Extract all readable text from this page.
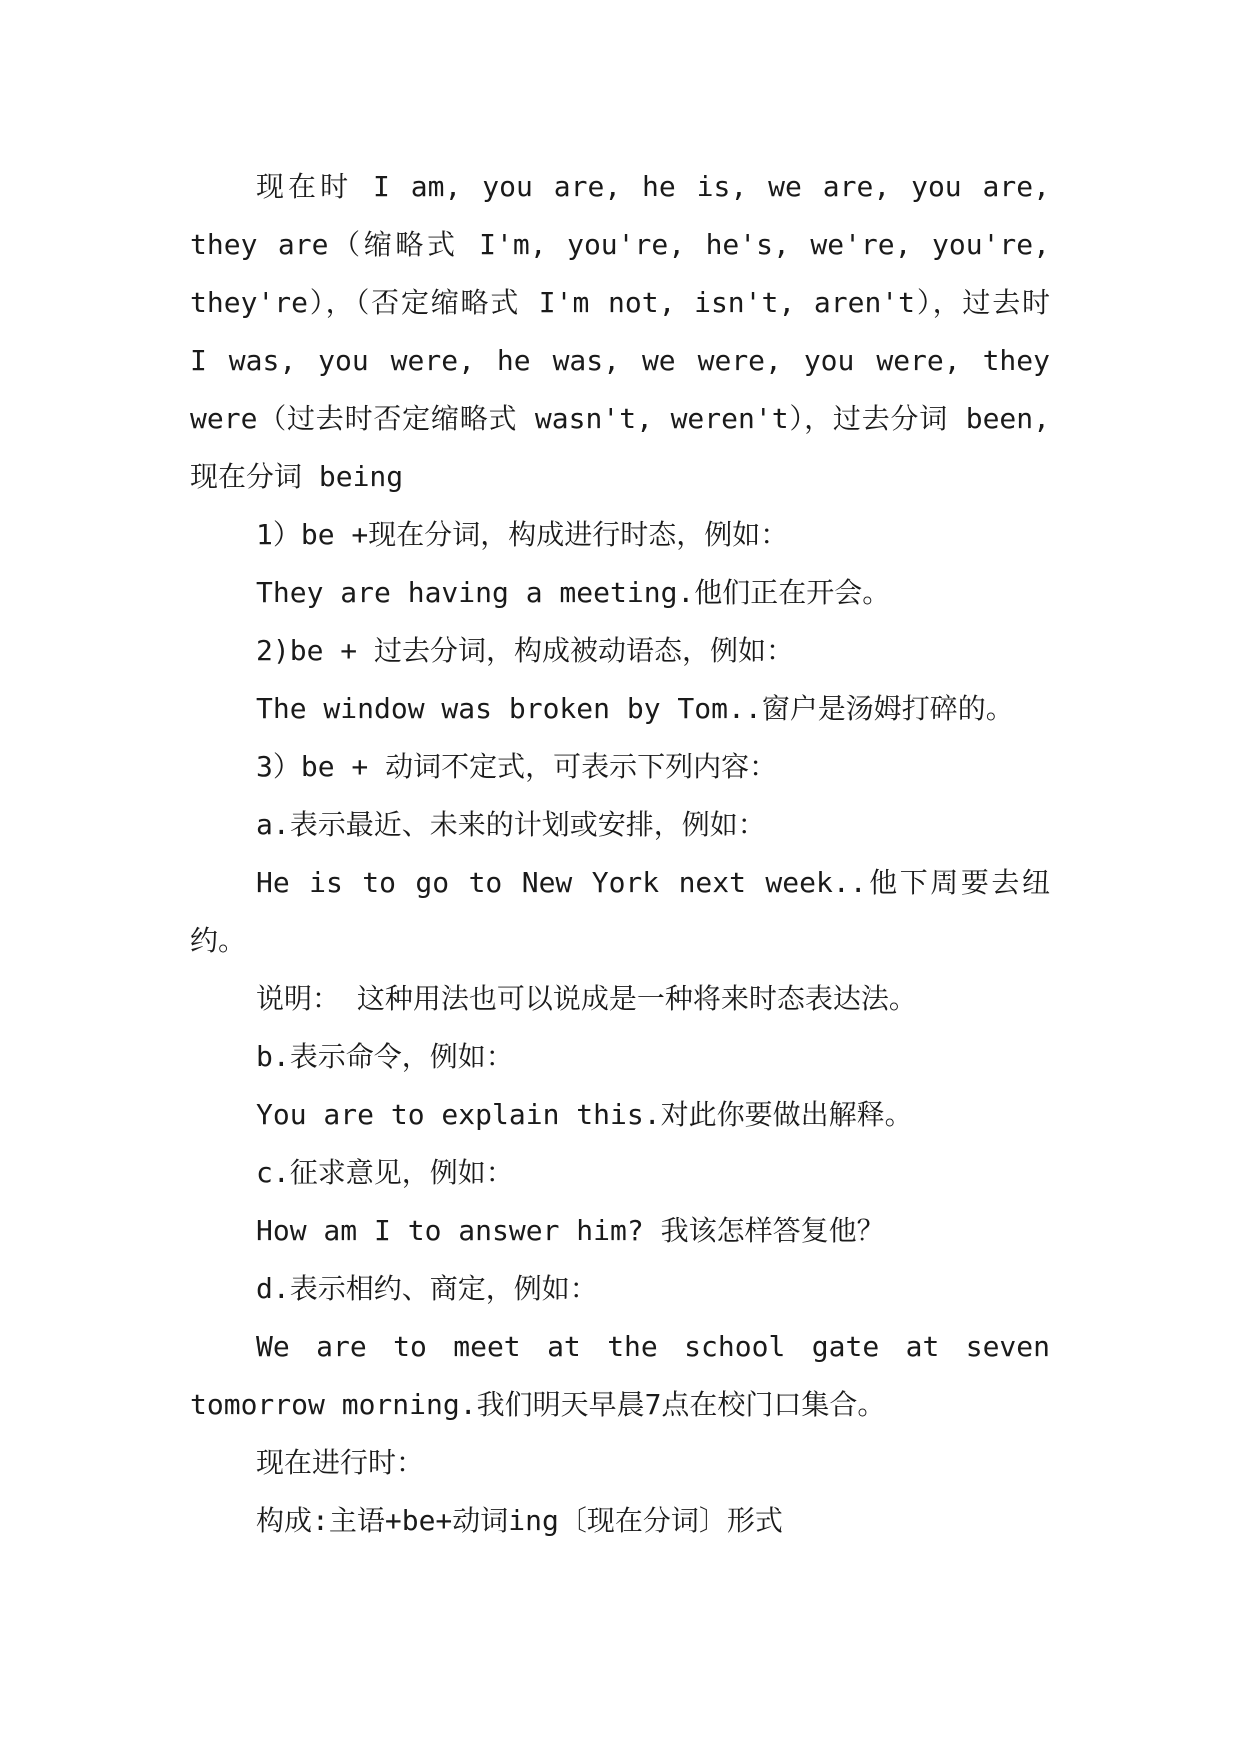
现在时 I am, you are, he is, we are, you are, they are（缩略式 I'm, you're, he's, we're, you're, they're），（否定缩略式 I'm not, isn't, aren't），过去时 I was, you were, he was, we were, you were, they were（过去时否定缩略式 wasn't, weren't），过去分词 been, 现在分词 being

1）be +现在分词，构成进行时态，例如：

They are having a meeting.他们正在开会。

2)be + 过去分词，构成被动语态，例如：

The window was broken by Tom..窗户是汤姆打碎的。

3）be + 动词不定式，可表示下列内容：

a.表示最近、未来的计划或安排，例如：

He is to go to New York next week..他下周要去纽约。

说明： 这种用法也可以说成是一种将来时态表达法。

b.表示命令，例如：

You are to explain this.对此你要做出解释。

c.征求意见，例如：

How am I to answer him? 我该怎样答复他？

d.表示相约、商定，例如：

We are to meet at the school gate at seven tomorrow morning.我们明天早晨7点在校门口集合。

现在进行时：

构成:主语+be+动词ing〔现在分词〕形式
